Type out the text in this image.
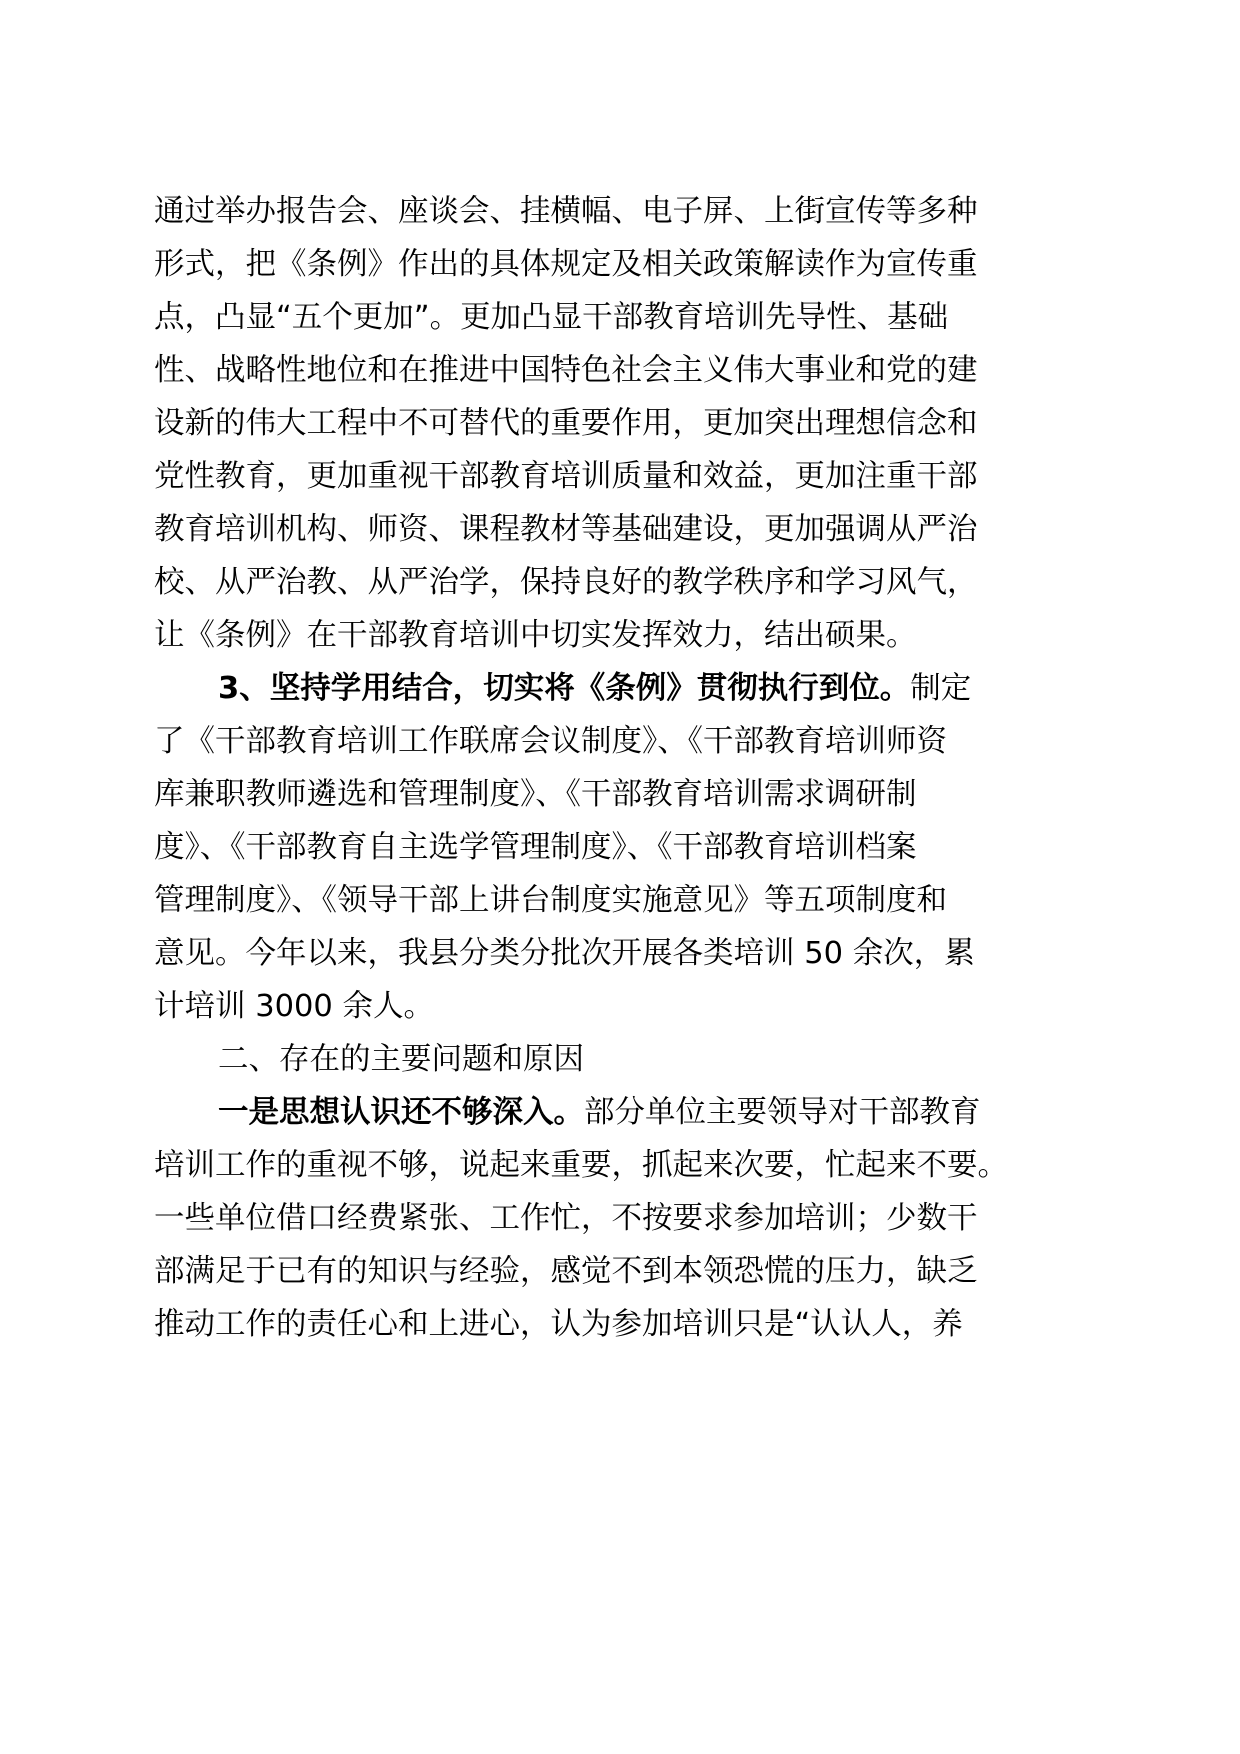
通过举办报告会、座谈会、挂横幅、电子屏、上街宣传等多种
形式，把《条例》作出的具体规定及相关政策解读作为宣传重
点，凸显“五个更加”。更加凸显干部教育培训先导性、基础
性、战略性地位和在推进中国特色社会主义伟大事业和党的建
设新的伟大工程中不可替代的重要作用，更加突出理想信念和
党性教育，更加重视干部教育培训质量和效益，更加注重干部
教育培训机构、师资、课程教材等基础建设，更加强调从严治
校、从严治教、从严治学，保持良好的教学秩序和学习风气，
让《条例》在干部教育培训中切实发挥效力，结出硕果。
3、坚持学用结合，切实将《条例》贯彻执行到位。制定
了《干部教育培训工作联席会议制度》、《干部教育培训师资
库兼职教师遴选和管理制度》、《干部教育培训需求调研制
度》、《干部教育自主选学管理制度》、《干部教育培训档案
管理制度》、《领导干部上讲台制度实施意见》等五项制度和
意见。今年以来，我县分类分批次开展各类培训 50 余次，累
计培训 3000 余人。
二、存在的主要问题和原因
一是思想认识还不够深入。部分单位主要领导对干部教育
培训工作的重视不够，说起来重要，抓起来次要，忙起来不要。
一些单位借口经费紧张、工作忙，不按要求参加培训；少数干
部满足于已有的知识与经验，感觉不到本领恐慌的压力，缺乏
推动工作的责任心和上进心，认为参加培训只是“认认人，养
